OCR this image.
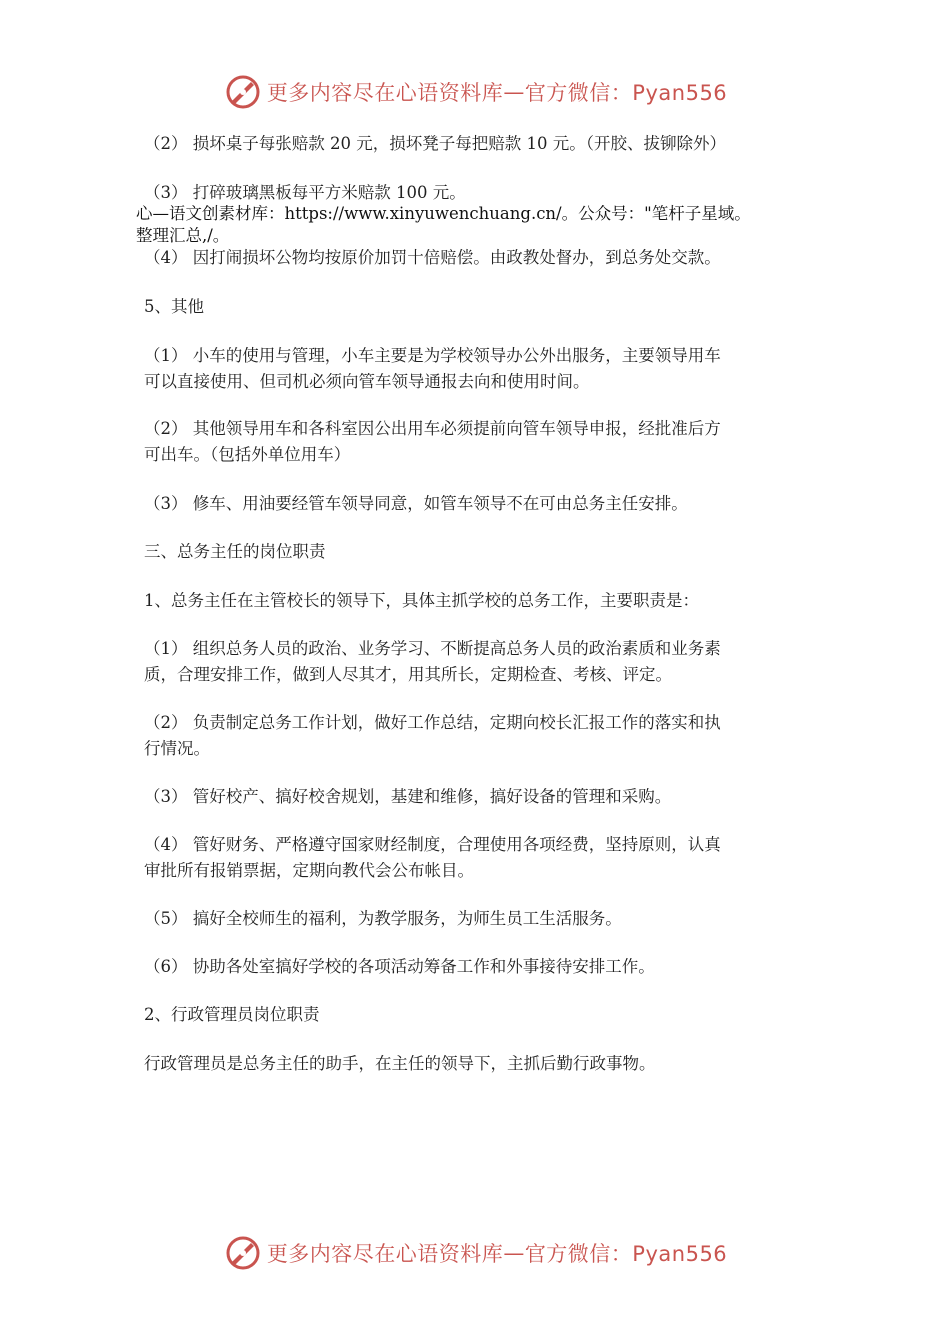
更多内容尽在心语资料库 — 官方微信：Pyan556
（2） 损坏桌子每张赔款 20 元，损坏凳子每把赔款 10 元。（开胶、拔铆除外）
（3） 打碎玻璃黑板每平方米赔款 100 元。
心—语文创素材库：https://www.xinyuwenchuang.cn/。公众号："笔杆子星域。
整理汇总,/。
（4） 因打闹损坏公物均按原价加罚十倍赔偿。由政教处督办，到总务处交款。
5、其他
（1） 小车的使用与管理，小车主要是为学校领导办公外出服务，主要领导用车
可以直接使用、但司机必须向管车领导通报去向和使用时间。
（2） 其他领导用车和各科室因公出用车必须提前向管车领导申报，经批准后方
可出车。（包括外单位用车）
（3） 修车、用油要经管车领导同意，如管车领导不在可由总务主任安排。
三、总务主任的岗位职责
1、总务主任在主管校长的领导下，具体主抓学校的总务工作，主要职责是：
（1） 组织总务人员的政治、业务学习、不断提高总务人员的政治素质和业务素
质，合理安排工作，做到人尽其才，用其所长，定期检查、考核、评定。
（2） 负责制定总务工作计划，做好工作总结，定期向校长汇报工作的落实和执
行情况。
（3） 管好校产、搞好校舍规划，基建和维修，搞好设备的管理和采购。
（4） 管好财务、严格遵守国家财经制度，合理使用各项经费，坚持原则，认真
审批所有报销票据，定期向教代会公布帐目。
（5） 搞好全校师生的福利，为教学服务，为师生员工生活服务。
（6） 协助各处室搞好学校的各项活动筹备工作和外事接待安排工作。
2、行政管理员岗位职责
行政管理员是总务主任的助手，在主任的领导下，主抓后勤行政事物。
更多内容尽在心语资料库 — 官方微信：Pyan556
